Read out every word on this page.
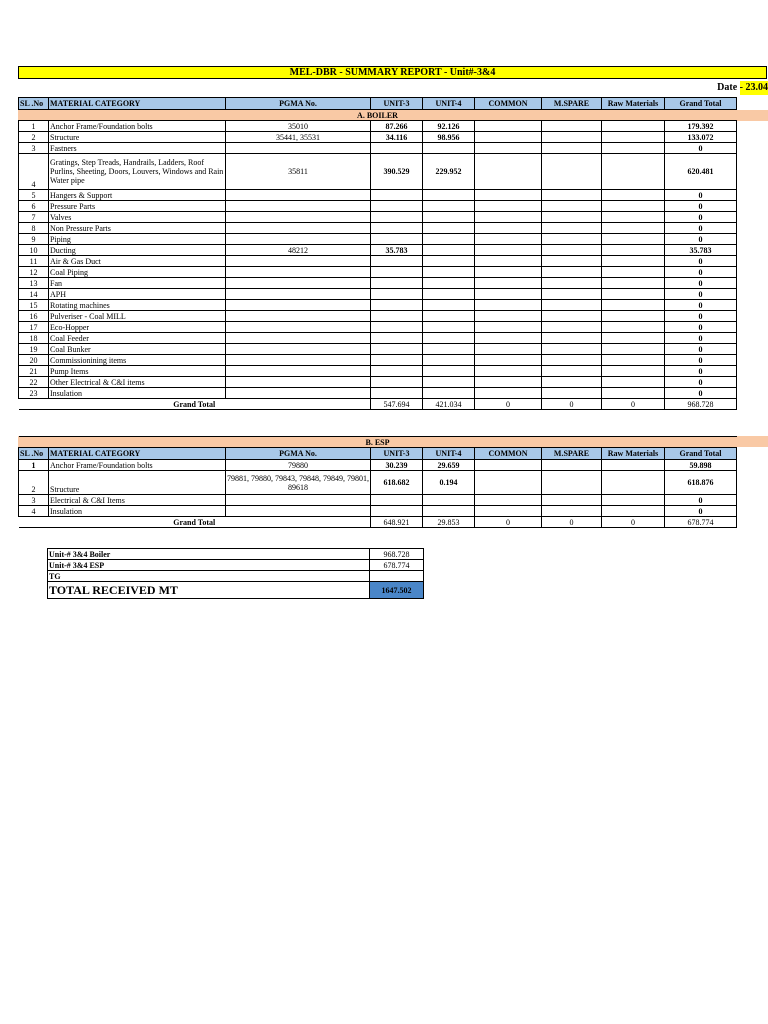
MEL-DBR - SUMMARY REPORT - Unit#-3&4
Date - 23.04
SL .No	MATERIAL CATEGORY	PGMA No.	UNIT-3	UNIT-4	COMMON	M.SPARE	Raw Materials	Grand Total
A. BOILER								
1	Anchor Frame/Foundation bolts	35010	87.266	92.126				179.392
2	Structure	35441, 35531	34.116	98.956				133.072
3	Fastners							0
4	Gratings, Step Treads, Handrails, Ladders, Roof Purlins, Sheeting, Doors, Louvers, Windows and Rain Water pipe	35811	390.529	229.952				620.481
5	Hangers & Support							0
6	Pressure Parts							0
7	Valves							0
8	Non Pressure Parts							0
9	Piping							0
10	Ducting	48212	35.783					35.783
11	Air & Gas Duct							0
12	Coal Piping							0
13	Fan							0
14	APH							0
15	Rotating machines							0
16	Pulveriser - Coal MILL							0
17	Eco-Hopper							0
18	Coal Feeder							0
19	Coal Bunker							0
20	Commissionining items							0
21	Pump Items							0
22	Other Electrical & C&I items							0
23	Insulation							0
Grand Total			547.694	421.034	0	0	0	968.728
B. ESP								
SL .No	MATERIAL CATEGORY	PGMA No.	UNIT-3	UNIT-4	COMMON	M.SPARE	Raw Materials	Grand Total
1	Anchor Frame/Foundation bolts	79880	30.239	29.659				59.898
2	Structure	79881, 79880, 79843, 79848, 79849, 79801, 89618	618.682	0.194				618.876
3	Electrical & C&I Items							0
4	Insulation							0
Grand Total			648.921	29.853	0	0	0	678.774
Unit-# 3&4 Boiler	968.728
Unit-# 3&4 ESP	678.774
TG	
TOTAL RECEIVED MT	1647.502
